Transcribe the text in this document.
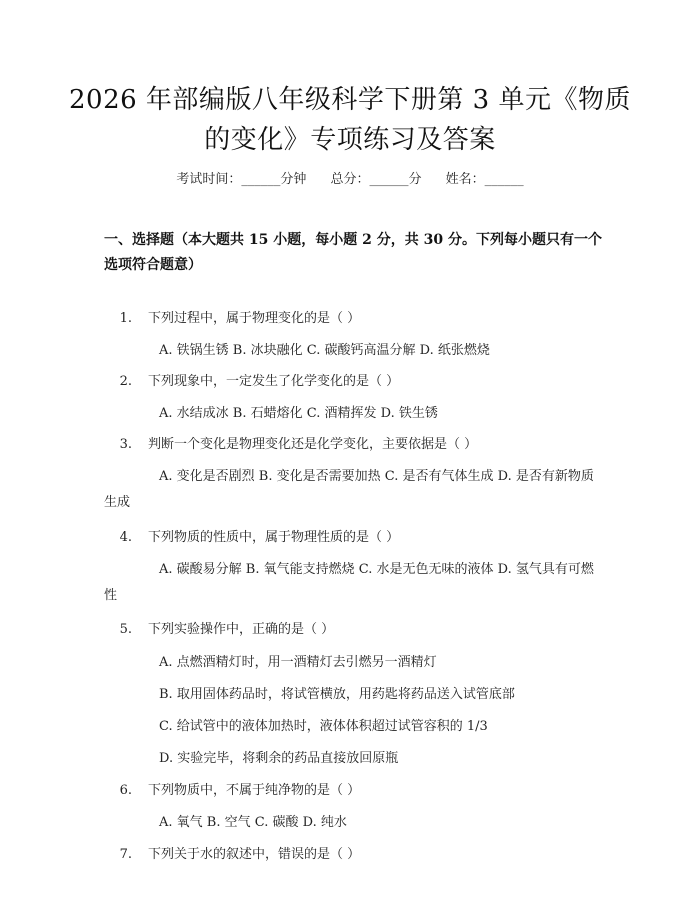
2026 年部编版八年级科学下册第 3 单元《物质的变化》专项练习及答案
考试时间：______分钟 总分：______分 姓名：______
一、选择题（本大题共 15 小题，每小题 2 分，共 30 分。下列每小题只有一个选项符合题意）
1. 下列过程中，属于物理变化的是（ ）
A. 铁锅生锈 B. 冰块融化 C. 碳酸钙高温分解 D. 纸张燃烧
2. 下列现象中，一定发生了化学变化的是（ ）
A. 水结成冰 B. 石蜡熔化 C. 酒精挥发 D. 铁生锈
3. 判断一个变化是物理变化还是化学变化，主要依据是（ ）
A. 变化是否剧烈 B. 变化是否需要加热 C. 是否有气体生成 D. 是否有新物质生成
4. 下列物质的性质中，属于物理性质的是（ ）
A. 碳酸易分解 B. 氧气能支持燃烧 C. 水是无色无味的液体 D. 氢气具有可燃性
5. 下列实验操作中，正确的是（ ）
A. 点燃酒精灯时，用一酒精灯去引燃另一酒精灯
B. 取用固体药品时，将试管横放，用药匙将药品送入试管底部
C. 给试管中的液体加热时，液体体积超过试管容积的 1/3
D. 实验完毕，将剩余的药品直接放回原瓶
6. 下列物质中，不属于纯净物的是（ ）
A. 氧气 B. 空气 C. 碳酸 D. 纯水
7. 下列关于水的叙述中，错误的是（ ）
